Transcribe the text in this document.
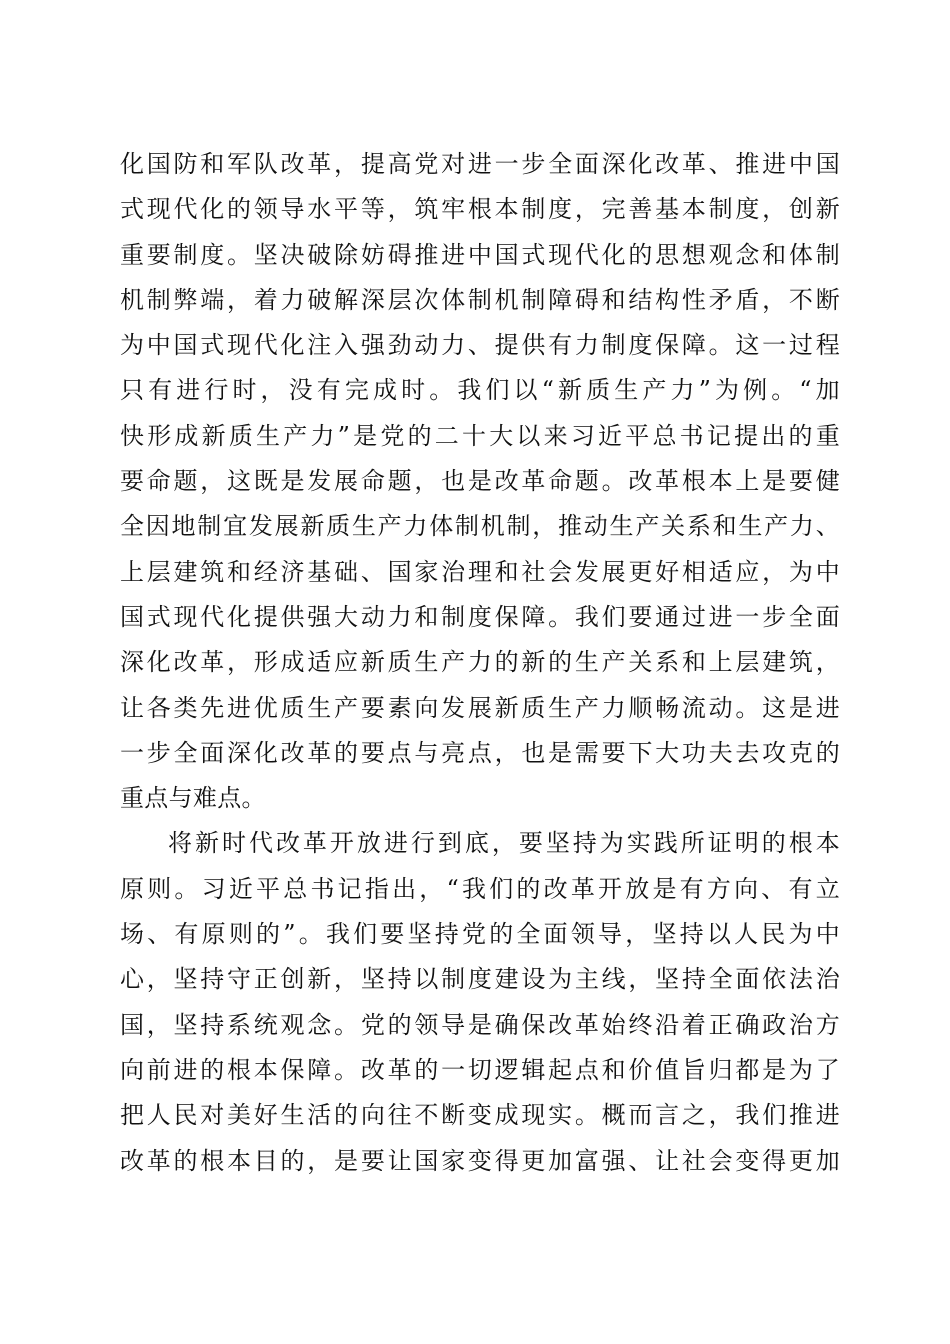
化国防和军队改革，提高党对进一步全面深化改革、推进中国
式现代化的领导水平等，筑牢根本制度，完善基本制度，创新
重要制度。坚决破除妨碍推进中国式现代化的思想观念和体制
机制弊端，着力破解深层次体制机制障碍和结构性矛盾，不断
为中国式现代化注入强劲动力、提供有力制度保障。这一过程
只有进行时，没有完成时。我们以“新质生产力”为例。“加
快形成新质生产力”是党的二十大以来习近平总书记提出的重
要命题，这既是发展命题，也是改革命题。改革根本上是要健
全因地制宜发展新质生产力体制机制，推动生产关系和生产力、
上层建筑和经济基础、国家治理和社会发展更好相适应，为中
国式现代化提供强大动力和制度保障。我们要通过进一步全面
深化改革，形成适应新质生产力的新的生产关系和上层建筑，
让各类先进优质生产要素向发展新质生产力顺畅流动。这是进
一步全面深化改革的要点与亮点，也是需要下大功夫去攻克的
重点与难点。
将新时代改革开放进行到底，要坚持为实践所证明的根本
原则。习近平总书记指出，“我们的改革开放是有方向、有立
场、有原则的”。我们要坚持党的全面领导，坚持以人民为中
心，坚持守正创新，坚持以制度建设为主线，坚持全面依法治
国，坚持系统观念。党的领导是确保改革始终沿着正确政治方
向前进的根本保障。改革的一切逻辑起点和价值旨归都是为了
把人民对美好生活的向往不断变成现实。概而言之，我们推进
改革的根本目的，是要让国家变得更加富强、让社会变得更加
